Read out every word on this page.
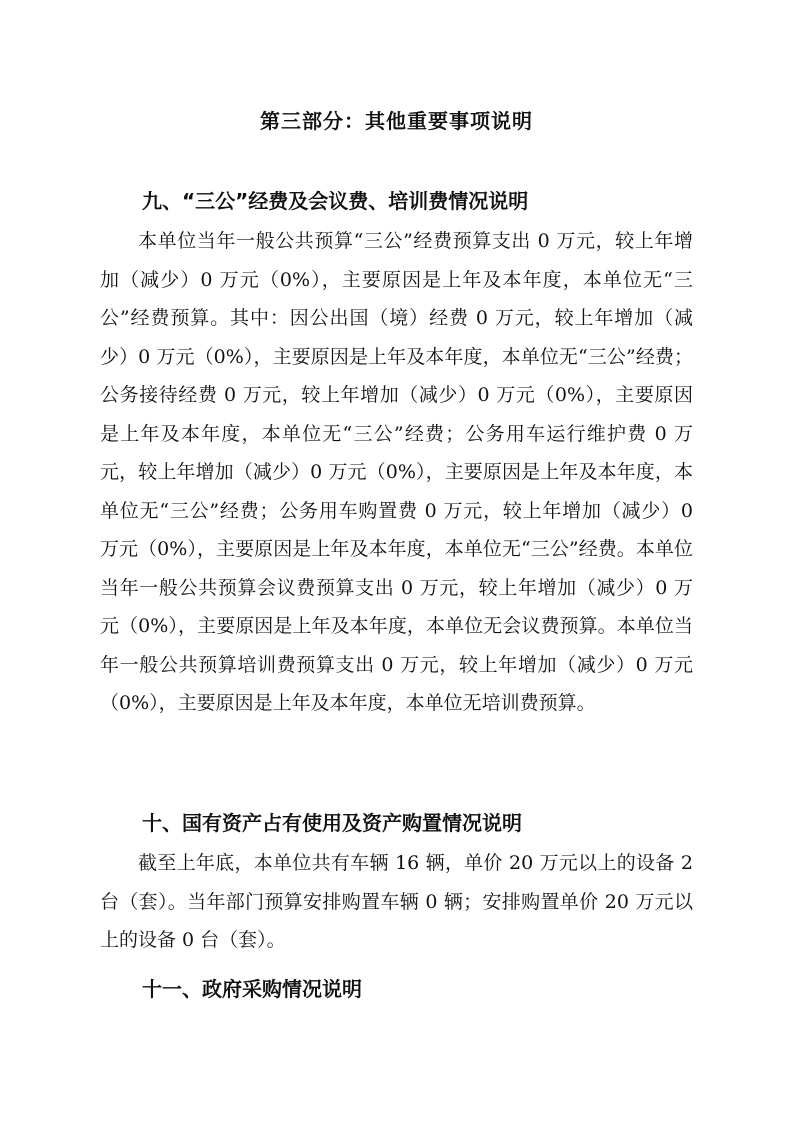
第三部分：其他重要事项说明
九、“三公”经费及会议费、培训费情况说明

本单位当年一般公共预算“三公”经费预算支出 0 万元，较上年增加（减少）0 万元（0%），主要原因是上年及本年度，本单位无“三公”经费预算。其中：因公出国（境）经费 0 万元，较上年增加（减少）0 万元（0%），主要原因是上年及本年度，本单位无“三公”经费；公务接待经费 0 万元，较上年增加（减少）0 万元（0%），主要原因是上年及本年度，本单位无“三公”经费；公务用车运行维护费 0 万元，较上年增加（减少）0 万元（0%），主要原因是上年及本年度，本单位无“三公”经费；公务用车购置费 0 万元，较上年增加（减少）0 万元（0%），主要原因是上年及本年度，本单位无“三公”经费。本单位当年一般公共预算会议费预算支出 0 万元，较上年增加（减少）0 万元（0%），主要原因是上年及本年度，本单位无会议费预算。本单位当年一般公共预算培训费预算支出 0 万元，较上年增加（减少）0 万元（0%），主要原因是上年及本年度，本单位无培训费预算。

十、国有资产占有使用及资产购置情况说明

截至上年底，本单位共有车辆 16 辆，单价 20 万元以上的设备 2 台（套）。当年部门预算安排购置车辆 0 辆；安排购置单价 20 万元以上的设备 0 台（套）。

十一、政府采购情况说明
